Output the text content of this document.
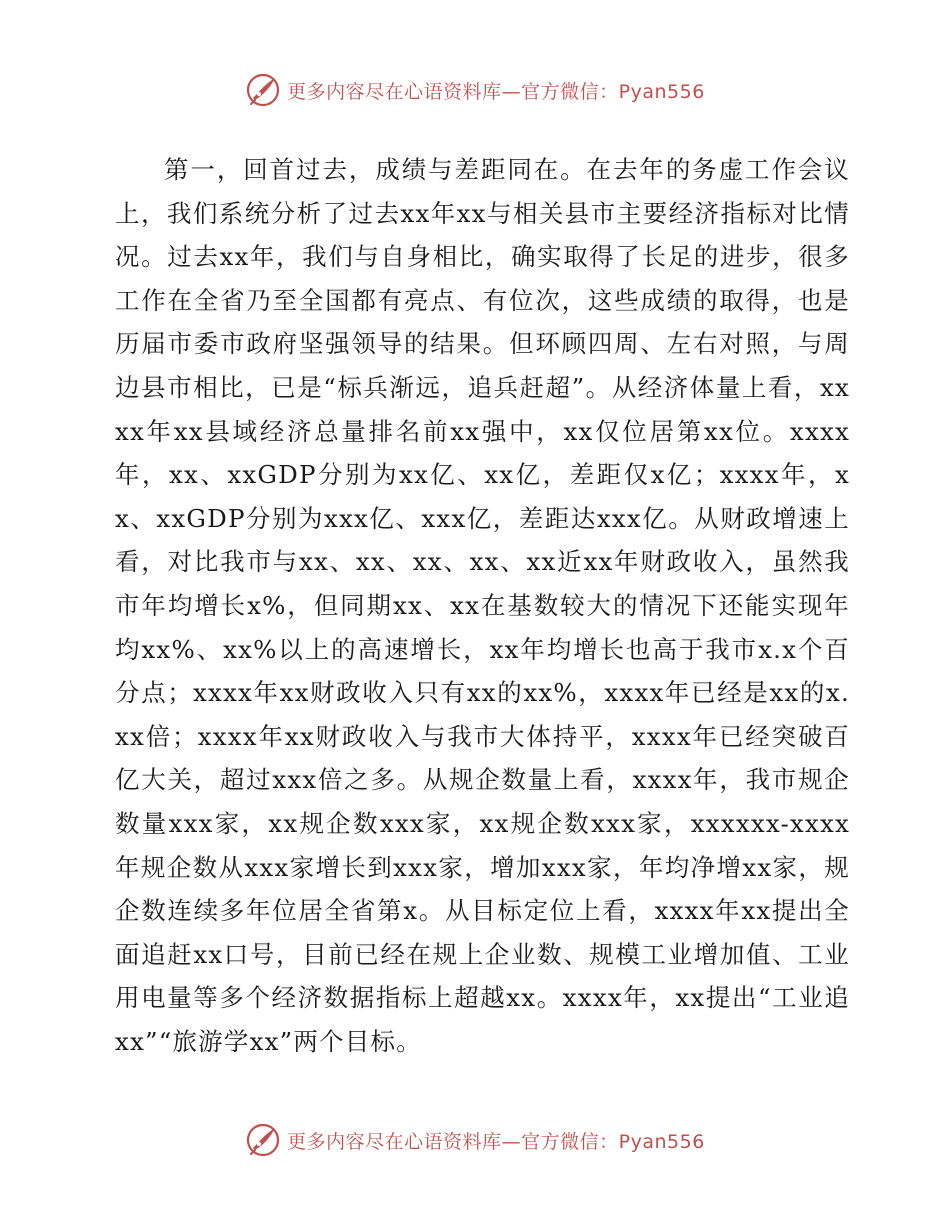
更多内容尽在心语资料库—官方微信：Pyan556

第一，回首过去，成绩与差距同在。在去年的务虚工作会议上，我们系统分析了过去xx年xx与相关县市主要经济指标对比情况。过去xx年，我们与自身相比，确实取得了长足的进步，很多工作在全省乃至全国都有亮点、有位次，这些成绩的取得，也是历届市委市政府坚强领导的结果。但环顾四周、左右对照，与周边县市相比，已是“标兵渐远，追兵赶超”。从经济体量上看，xxxx年xx县域经济总量排名前xx强中，xx仅位居第xx位。xxxx年，xx、xxGDP分别为xx亿、xx亿，差距仅x亿；xxxx年，xx、xxGDP分别为xxx亿、xxx亿，差距达xxx亿。从财政增速上看，对比我市与xx、xx、xx、xx、xx近xx年财政收入，虽然我市年均增长x%，但同期xx、xx在基数较大的情况下还能实现年均xx%、xx%以上的高速增长，xx年均增长也高于我市x.x个百分点；xxxx年xx财政收入只有xx的xx%，xxxx年已经是xx的x.xx倍；xxxx年xx财政收入与我市大体持平，xxxx年已经突破百亿大关，超过xxx倍之多。从规企数量上看，xxxx年，我市规企数量xxx家，xx规企数xxx家，xx规企数xxx家，xxxxxx-xxxx年规企数从xxx家增长到xxx家，增加xxx家，年均净增xx家，规企数连续多年位居全省第x。从目标定位上看，xxxx年xx提出全面追赶xx口号，目前已经在规上企业数、规模工业增加值、工业用电量等多个经济数据指标上超越xx。xxxx年，xx提出“工业追xx”“旅游学xx”两个目标。

更多内容尽在心语资料库—官方微信：Pyan556
